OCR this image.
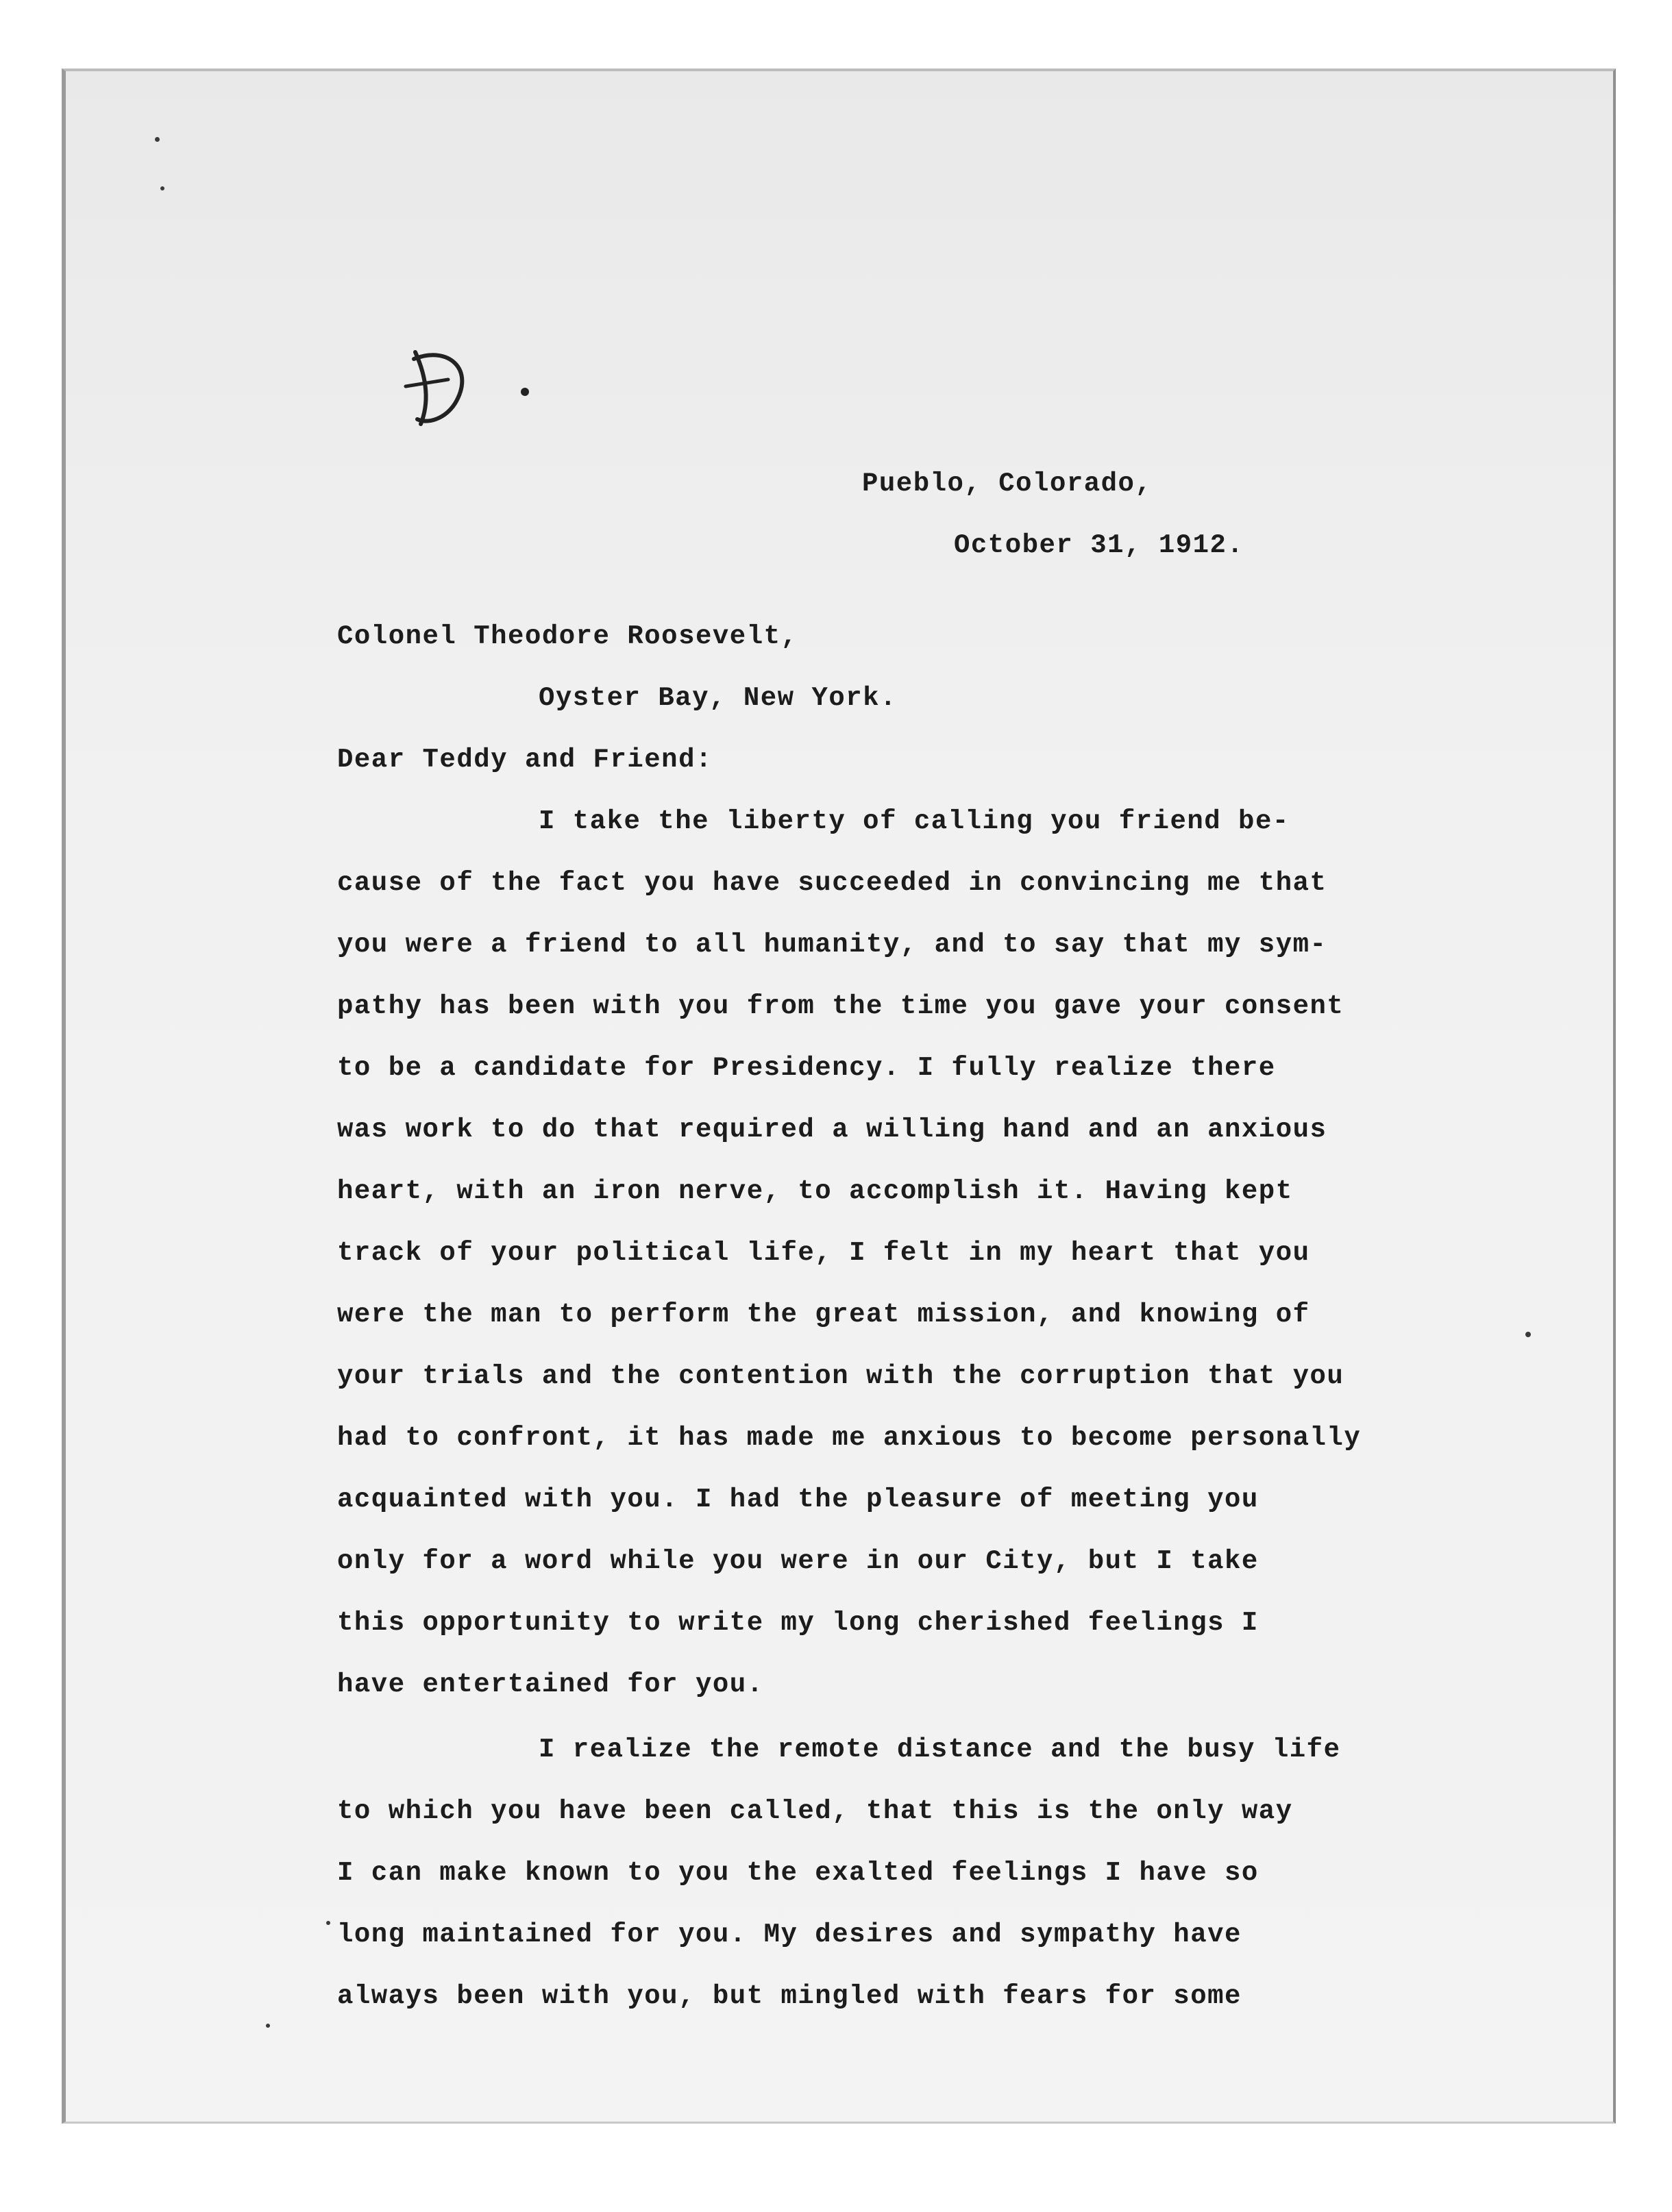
Pueblo, Colorado,

October 31, 1912.

Colonel Theodore Roosevelt,

Oyster Bay, New York.

Dear Teddy and Friend:

I take the liberty of calling you friend be-

cause of the fact you have succeeded in convincing me that

you were a friend to all humanity, and to say that my sym-

pathy has been with you from the time you gave your consent

to be a candidate for Presidency. I fully realize there

was work to do that required a willing hand and an anxious

heart, with an iron nerve, to accomplish it. Having kept

track of your political life, I felt in my heart that you

were the man to perform the great mission, and knowing of

your trials and the contention with the corruption that you

had to confront, it has made me anxious to become personally

acquainted with you. I had the pleasure of meeting you

only for a word while you were in our City, but I take

this opportunity to write my long cherished feelings I

have entertained for you.

I realize the remote distance and the busy life

to which you have been called, that this is the only way

I can make known to you the exalted feelings I have so

long maintained for you. My desires and sympathy have

always been with you, but mingled with fears for some
